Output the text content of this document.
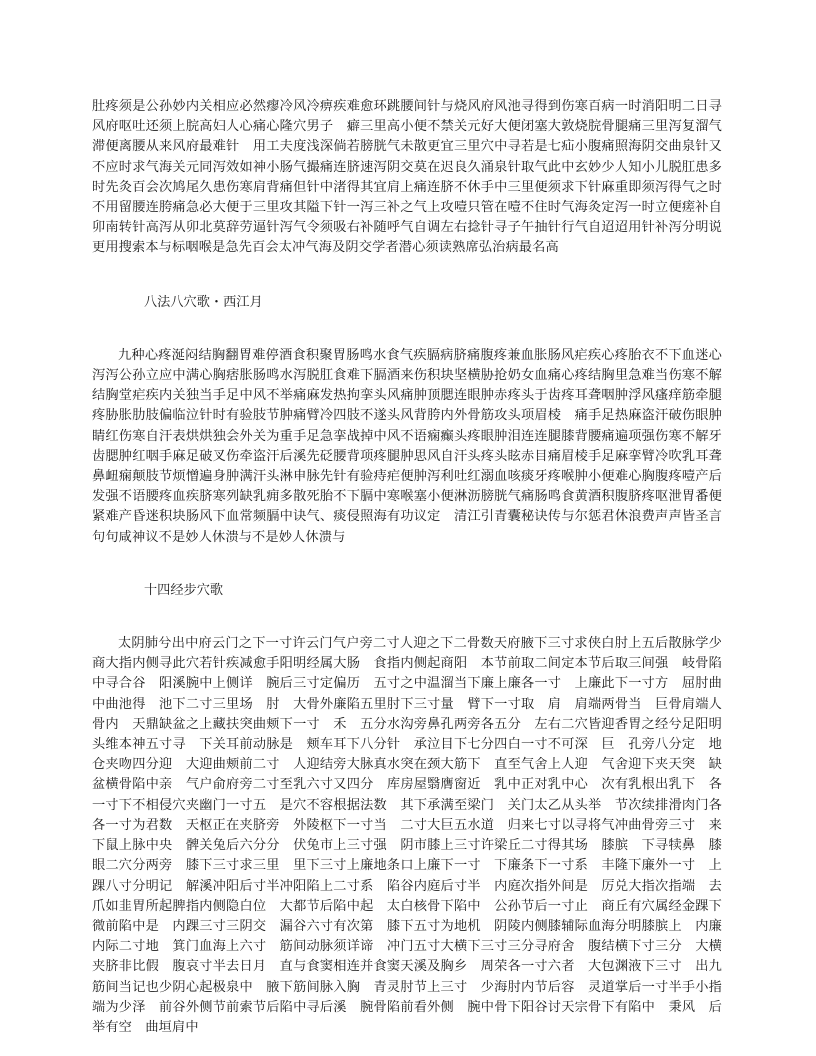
肚疼须是公孙妙内关相应必然瘳冷风冷痹疾难愈环跳腰间针与烧风府风池寻得到伤寒百病一时消阳明二日寻风府呕吐还须上脘高妇人心痛心隆穴男子　癖三里高小便不禁关元好大便闭塞大敦烧脘骨腿痛三里泻复溜气滞便离腰从来风府最难针　用工夫度浅深倘若膀胱气未散更宜三里穴中寻若是七疝小腹痛照海阴交曲泉针又不应时求气海关元同泻效如神小肠气撮痛连脐速泻阴交莫在迟良久涌泉针取气此中玄妙少人知小儿脱肛患多时先灸百会次鸠尾久患伤寒肩背痛但针中渚得其宜肩上痛连脐不休手中三里便须求下针麻重即须泻得气之时不用留腰连胯痛急必大便于三里攻其隘下针一泻三补之气上攻噎只管在噎不住时气海灸定泻一时立便瘥补自卯南转针高泻从卯北莫辞劳逼针泻气令须吸右补随呼气自调左右捻针寻子午抽针行气自迢迢用针补泻分明说更用搜索本与标咽喉是急先百会太冲气海及阴交学者潜心须读熟席弘治病最名高

八法八穴歌・西江月

九种心疼涎闷结胸翻胃难停酒食积聚胃肠鸣水食气疾膈病脐痛腹疼兼血胀肠风疟疾心疼胎衣不下血迷心泻泻公孙立应中满心胸痞胀肠鸣水泻脱肛食难下膈酒来伤积块坚横胁抢奶女血痛心疼结胸里急难当伤寒不解结胸堂疟疾内关独当手足中风不举痛麻发热拘挛头风痛肿顶腮连眼肿赤疼头于齿疼耳聋咽肿浮风瘙痒筋牵腿疼胁胀肋肢偏临泣针时有验肢节肿痛臂冷四肢不遂头风背胯内外骨筋攻头项眉棱　痛手足热麻盗汗破伤眼肿睛红伤寒自汗表烘烘独会外关为重手足急挛战掉中风不语痫癫头疼眼肿泪连连腿膝背腰痛遍项强伤寒不解牙齿腮肿红咽手麻足破叉伤牵盗汗后溪先砭腰背项疼腿肿思风自汗头疼头眩赤目痛眉棱手足麻挛臂冷吹乳耳聋鼻衄痫颠肢节烦憎遍身肿满汗头淋申脉先针有验痔疟便肿泻利吐红溺血咳痰牙疼喉肿小便难心胸腹疼噎产后发强不语腰疼血疾脐寒列缺乳痈多散死胎不下膈中寒喉塞小便淋沥膀胱气痛肠鸣食黄酒积腹脐疼呕泄胃番便紧难产昏迷积块肠风下血常频膈中诀气、痰侵照海有功议定　清江引青囊秘诀传与尔惩君休浪费声声皆圣言句句咸神议不是妙人休溃与不是妙人休溃与

十四经步穴歌

太阴肺兮出中府云门之下一寸许云门气户旁二寸人迎之下二骨数天府腋下三寸求侠白肘上五后散脉学少商大指内侧寻此穴若针疾减愈手阳明经属大肠　食指内侧起商阳　本节前取二间定本节后取三间强　岐骨陷中寻合谷　阳溪腕中上侧详　腕后三寸定偏历　五寸之中温溜当下廉上廉各一寸　上廉此下一寸方　屈肘曲中曲池得　池下二寸三里场　肘　大骨外廉陷五里肘下三寸量　臂下一寸取　肩　肩端两骨当　巨骨肩端人骨内　天鼎缺盆之上藏扶突曲颊下一寸　禾　五分水沟旁鼻孔两旁各五分　左右二穴皆迎香胃之经兮足阳明　头维本神五寸寻　下关耳前动脉是　颊车耳下八分针　承泣目下七分四白一寸不可深　巨　孔旁八分定　地仓夹吻四分迎　大迎曲颊前二寸　人迎结旁大脉真水突在颈大筋下　直至气舍上人迎　气舍迎下夹天突　缺盆横骨陷中亲　气户俞府旁二寸至乳六寸又四分　库房屋翳膺窗近　乳中正对乳中心　次有乳根出乳下　各一寸下不相侵穴夹幽门一寸五　是穴不容根据法数　其下承满至梁门　关门太乙从头举　节次续排滑肉门各各一寸为君数　天枢正在夹脐旁　外陵枢下一寸当　二寸大巨五水道　归来七寸以寻将气冲曲骨旁三寸　来下鼠上脉中央　髀关兔后六分分　伏兔市上三寸强　阴市膝上三寸许梁丘二寸得其场　膝膑　下寻犊鼻　膝眼二穴分两旁　膝下三寸求三里　里下三寸上廉地条口上廉下一寸　下廉条下一寸系　丰隆下廉外一寸　上踝八寸分明记　解溪冲阳后寸半冲阳陷上二寸系　陷谷内庭后寸半　内庭次指外间是　厉兑大指次指端　去爪如韭胃所起脾指内侧隐白位　大都节后陷中起　太白核骨下陷中　公孙节后一寸止　商丘有穴属经金踝下微前陷中是　内踝三寸三阴交　漏谷六寸有次第　膝下五寸为地机　阴陵内侧膝辅际血海分明膝膑上　内廉内际二寸地　箕门血海上六寸　筋间动脉须详谛　冲门五寸大横下三寸三分寻府舍　腹结横下寸三分　大横夹脐非比假　腹哀寸半去日月　直与食窦相连并食窦天溪及胸乡　周荣各一寸六者　大包渊液下三寸　出九筋间当记也少阴心起极泉中　腋下筋间脉入胸　青灵肘节上三寸　少海肘内节后容　灵道掌后一寸半手小指端为少泽　前谷外侧节前索节后陷中寻后溪　腕骨陷前看外侧　腕中骨下阳谷讨天宗骨下有陷中　秉风　后举有空　曲垣肩中
